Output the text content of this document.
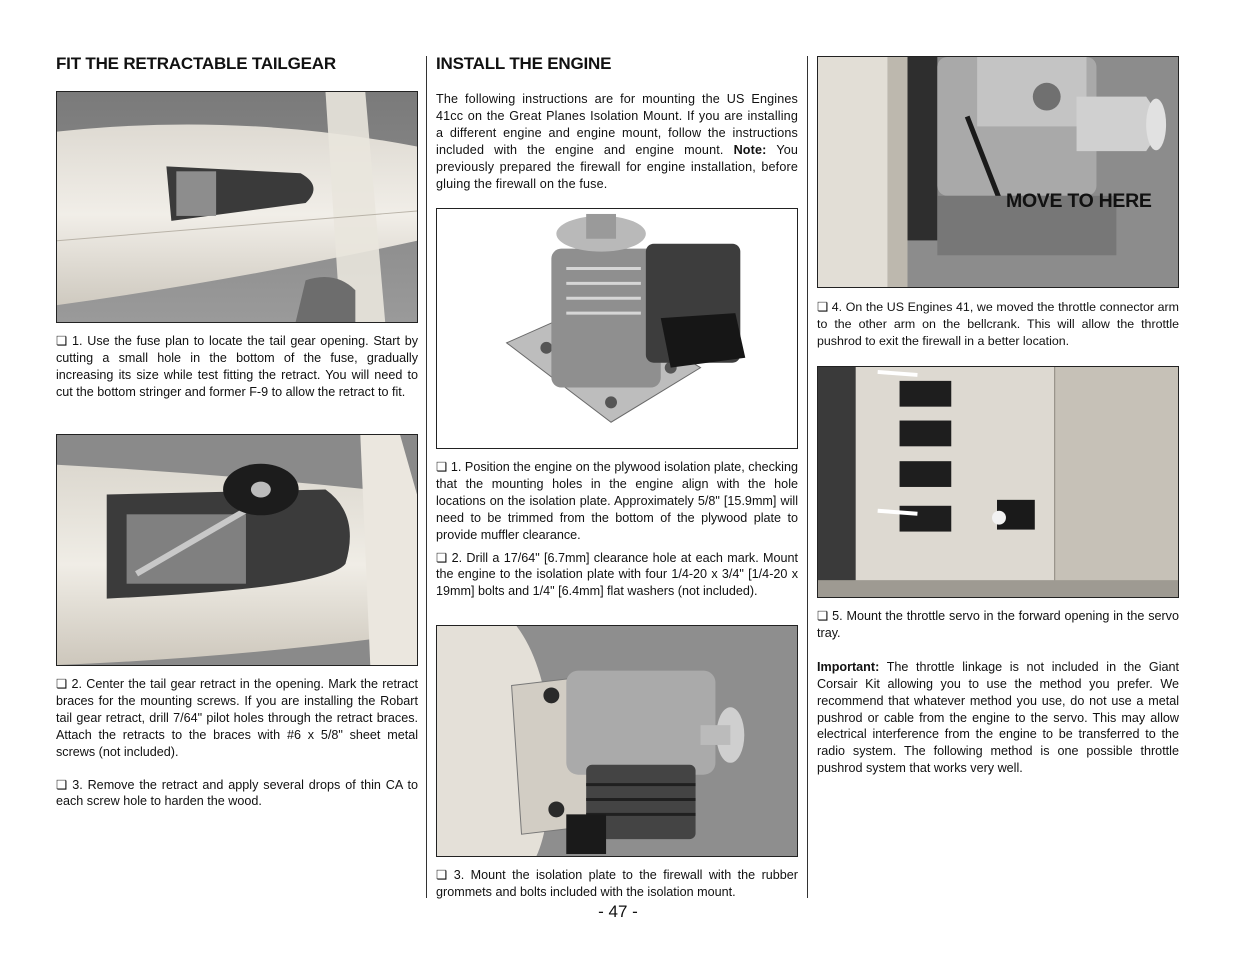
FIT THE RETRACTABLE TAILGEAR

❏ 1. Use the fuse plan to locate the tail gear opening. Start by cutting a small hole in the bottom of the fuse, gradually increasing its size while test fitting the retract. You will need to cut the bottom stringer and former F-9 to allow the retract to fit.

❏ 2. Center the tail gear retract in the opening. Mark the retract braces for the mounting screws. If you are installing the Robart tail gear retract, drill 7/64" pilot holes through the retract braces. Attach the retracts to the braces with #6 x 5/8" sheet metal screws (not included).

❏ 3. Remove the retract and apply several drops of thin CA to each screw hole to harden the wood.

INSTALL THE ENGINE

The following instructions are for mounting the US Engines 41cc on the Great Planes Isolation Mount. If you are installing a different engine and engine mount, follow the instructions included with the engine and engine mount. Note: You previously prepared the firewall for engine installation, before gluing the firewall on the fuse.

❏ 1. Position the engine on the plywood isolation plate, checking that the mounting holes in the engine align with the hole locations on the isolation plate. Approximately 5/8" [15.9mm] will need to be trimmed from the bottom of the plywood plate to provide muffler clearance.

❏ 2. Drill a 17/64" [6.7mm] clearance hole at each mark. Mount the engine to the isolation plate with four 1/4-20 x 3/4" [1/4-20 x 19mm] bolts and 1/4" [6.4mm] flat washers (not included).

❏ 3. Mount the isolation plate to the firewall with the rubber grommets and bolts included with the isolation mount.

MOVE TO HERE

❏ 4. On the US Engines 41, we moved the throttle connector arm to the other arm on the bellcrank. This will allow the throttle pushrod to exit the firewall in a better location.

❏ 5. Mount the throttle servo in the forward opening in the servo tray.

Important: The throttle linkage is not included in the Giant Corsair Kit allowing you to use the method you prefer. We recommend that whatever method you use, do not use a metal pushrod or cable from the engine to the servo. This may allow electrical interference from the engine to be transferred to the radio system. The following method is one possible throttle pushrod system that works very well.

- 47 -
